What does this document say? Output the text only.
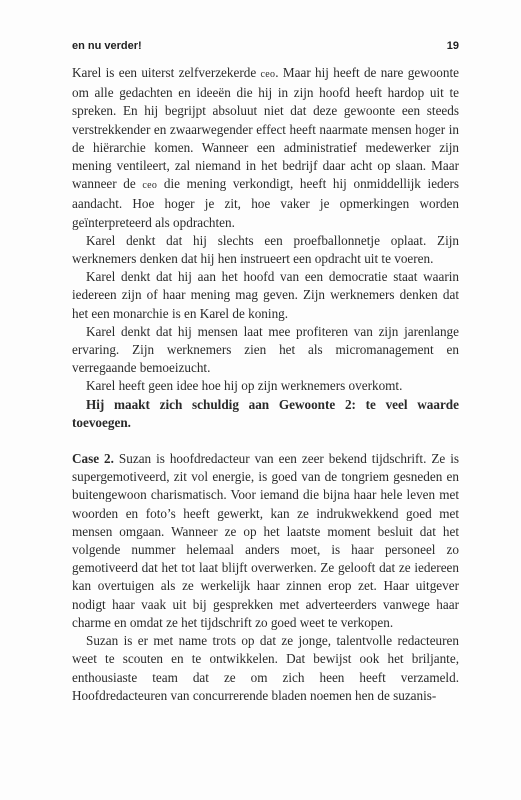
en nu verder!	19

Karel is een uiterst zelfverzekerde ceo. Maar hij heeft de nare gewoonte om alle gedachten en ideeën die hij in zijn hoofd heeft hardop uit te spreken. En hij begrijpt absoluut niet dat deze gewoonte een steeds verstrekkender en zwaarwegender effect heeft naarmate mensen hoger in de hiërarchie komen. Wanneer een administratief medewerker zijn mening ventileert, zal niemand in het bedrijf daar acht op slaan. Maar wanneer de ceo die mening verkondigt, heeft hij onmiddellijk ieders aandacht. Hoe hoger je zit, hoe vaker je opmerkingen worden geïnterpreteerd als opdrachten.

Karel denkt dat hij slechts een proefballonnetje oplaat. Zijn werknemers denken dat hij hen instrueert een opdracht uit te voeren.

Karel denkt dat hij aan het hoofd van een democratie staat waarin iedereen zijn of haar mening mag geven. Zijn werknemers denken dat het een monarchie is en Karel de koning.

Karel denkt dat hij mensen laat mee profiteren van zijn jarenlange ervaring. Zijn werknemers zien het als micromanagement en verregaande bemoeizucht.

Karel heeft geen idee hoe hij op zijn werknemers overkomt.

Hij maakt zich schuldig aan Gewoonte 2: te veel waarde toevoegen.

Case 2. Suzan is hoofdredacteur van een zeer bekend tijdschrift. Ze is supergemotiveerd, zit vol energie, is goed van de tongriem gesneden en buitengewoon charismatisch. Voor iemand die bijna haar hele leven met woorden en foto’s heeft gewerkt, kan ze indrukwekkend goed met mensen omgaan. Wanneer ze op het laatste moment besluit dat het volgende nummer helemaal anders moet, is haar personeel zo gemotiveerd dat het tot laat blijft overwerken. Ze gelooft dat ze iedereen kan overtuigen als ze werkelijk haar zinnen erop zet. Haar uitgever nodigt haar vaak uit bij gesprekken met adverteerders vanwege haar charme en omdat ze het tijdschrift zo goed weet te verkopen.

Suzan is er met name trots op dat ze jonge, talentvolle redacteuren weet te scouten en te ontwikkelen. Dat bewijst ook het briljante, enthousiaste team dat ze om zich heen heeft verzameld. Hoofdredacteuren van concurrerende bladen noemen hen de suzanis-
